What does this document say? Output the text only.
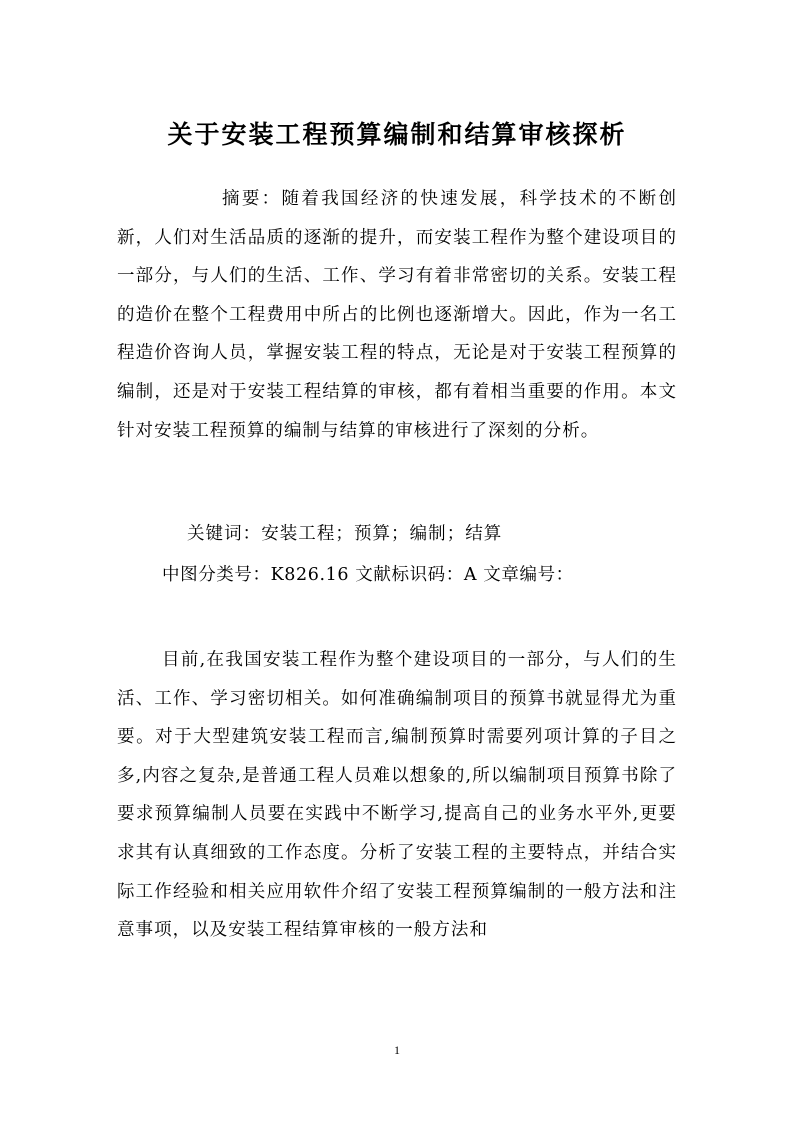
关于安装工程预算编制和结算审核探析

摘要：随着我国经济的快速发展，科学技术的不断创新，人们对生活品质的逐渐的提升，而安装工程作为整个建设项目的一部分，与人们的生活、工作、学习有着非常密切的关系。安装工程的造价在整个工程费用中所占的比例也逐渐增大。因此，作为一名工程造价咨询人员，掌握安装工程的特点，无论是对于安装工程预算的编制，还是对于安装工程结算的审核，都有着相当重要的作用。本文针对安装工程预算的编制与结算的审核进行了深刻的分析。

关键词：安装工程；预算；编制；结算
中图分类号：K826.16 文献标识码：A 文章编号：

目前,在我国安装工程作为整个建设项目的一部分，与人们的生活、工作、学习密切相关。如何准确编制项目的预算书就显得尤为重要。对于大型建筑安装工程而言,编制预算时需要列项计算的子目之多,内容之复杂,是普通工程人员难以想象的,所以编制项目预算书除了要求预算编制人员要在实践中不断学习,提高自己的业务水平外,更要求其有认真细致的工作态度。分析了安装工程的主要特点，并结合实际工作经验和相关应用软件介绍了安装工程预算编制的一般方法和注意事项，以及安装工程结算审核的一般方法和

1
